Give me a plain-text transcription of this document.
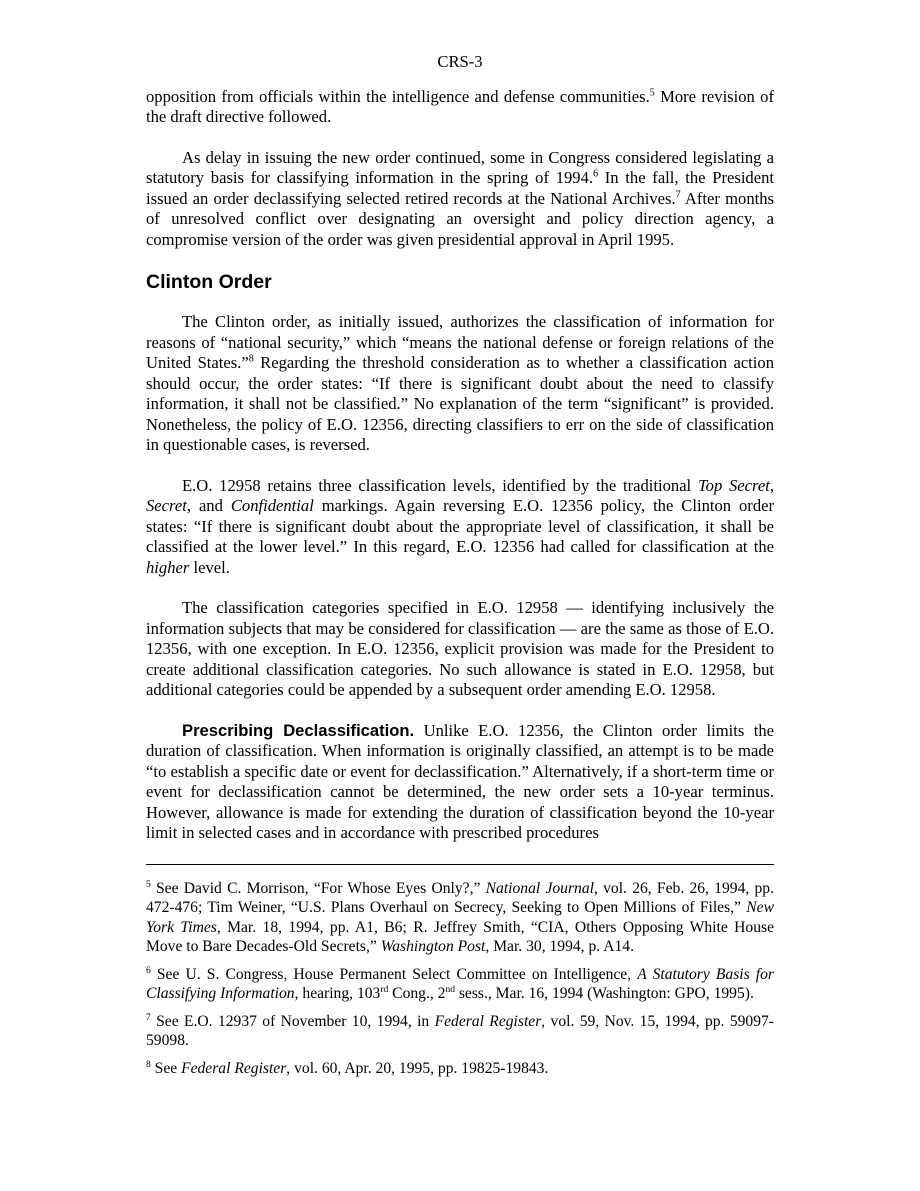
CRS-3

opposition from officials within the intelligence and defense communities.$^5$ More revision of the draft directive followed.

As delay in issuing the new order continued, some in Congress considered legislating a statutory basis for classifying information in the spring of 1994.$^6$ In the fall, the President issued an order declassifying selected retired records at the National Archives.$^7$ After months of unresolved conflict over designating an oversight and policy direction agency, a compromise version of the order was given presidential approval in April 1995.

Clinton Order

The Clinton order, as initially issued, authorizes the classification of information for reasons of “national security,” which “means the national defense or foreign relations of the United States.”$^8$ Regarding the threshold consideration as to whether a classification action should occur, the order states: “If there is significant doubt about the need to classify information, it shall not be classified.” No explanation of the term “significant” is provided. Nonetheless, the policy of E.O. 12356, directing classifiers to err on the side of classification in questionable cases, is reversed.

E.O. 12958 retains three classification levels, identified by the traditional Top Secret, Secret, and Confidential markings. Again reversing E.O. 12356 policy, the Clinton order states: “If there is significant doubt about the appropriate level of classification, it shall be classified at the lower level.” In this regard, E.O. 12356 had called for classification at the higher level.

The classification categories specified in E.O. 12958 — identifying inclusively the information subjects that may be considered for classification — are the same as those of E.O. 12356, with one exception. In E.O. 12356, explicit provision was made for the President to create additional classification categories. No such allowance is stated in E.O. 12958, but additional categories could be appended by a subsequent order amending E.O. 12958.

Prescribing Declassification. Unlike E.O. 12356, the Clinton order limits the duration of classification. When information is originally classified, an attempt is to be made “to establish a specific date or event for declassification.” Alternatively, if a short-term time or event for declassification cannot be determined, the new order sets a 10-year terminus. However, allowance is made for extending the duration of classification beyond the 10-year limit in selected cases and in accordance with prescribed procedures

$^5$ See David C. Morrison, “For Whose Eyes Only?,” National Journal, vol. 26, Feb. 26, 1994, pp. 472-476; Tim Weiner, “U.S. Plans Overhaul on Secrecy, Seeking to Open Millions of Files,” New York Times, Mar. 18, 1994, pp. A1, B6; R. Jeffrey Smith, “CIA, Others Opposing White House Move to Bare Decades-Old Secrets,” Washington Post, Mar. 30, 1994, p. A14.

$^6$ See U. S. Congress, House Permanent Select Committee on Intelligence, A Statutory Basis for Classifying Information, hearing, 103rd Cong., 2nd sess., Mar. 16, 1994 (Washington: GPO, 1995).

$^7$ See E.O. 12937 of November 10, 1994, in Federal Register, vol. 59, Nov. 15, 1994, pp. 59097-59098.

$^8$ See Federal Register, vol. 60, Apr. 20, 1995, pp. 19825-19843.
